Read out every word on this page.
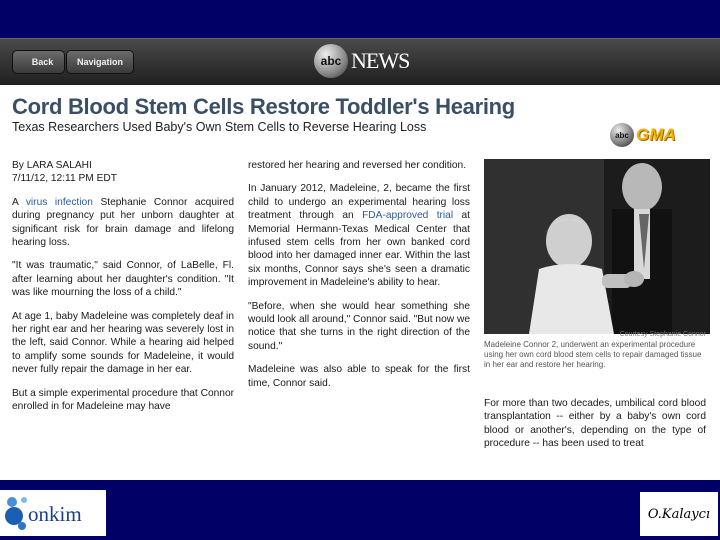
Back	Navigation	abc NEWS
Cord Blood Stem Cells Restore Toddler's Hearing
Texas Researchers Used Baby's Own Stem Cells to Reverse Hearing Loss
abc GMA
By LARA SALAHI
7/11/12, 12:11 PM EDT

A virus infection Stephanie Connor acquired during pregnancy put her unborn daughter at significant risk for brain damage and lifelong hearing loss.

"It was traumatic," said Connor, of LaBelle, Fl. after learning about her daughter's condition. "It was like mourning the loss of a child."

At age 1, baby Madeleine was completely deaf in her right ear and her hearing was severely lost in the left, said Connor. While a hearing aid helped to amplify some sounds for Madeleine, it would never fully repair the damage in her ear.

But a simple experimental procedure that Connor enrolled in for Madeleine may have

restored her hearing and reversed her condition.

In January 2012, Madeleine, 2, became the first child to undergo an experimental hearing loss treatment through an FDA-approved trial at Memorial Hermann-Texas Medical Center that infused stem cells from her own banked cord blood into her damaged inner ear. Within the last six months, Connor says she's seen a dramatic improvement in Madeleine's ability to hear.

"Before, when she would hear something she would look all around," Connor said. "But now we notice that she turns in the right direction of the sound."

Madeleine was also able to speak for the first time, Connor said.

Courtesy Stephanie Connor
Madeleine Connor 2, underwent an experimental procedure using her own cord blood stem cells to repair damaged tissue in her ear and restore her hearing.

For more than two decades, umbilical cord blood transplantation -- either by a baby's own cord blood or another's, depending on the type of procedure -- has been used to treat

onkim	O.Kalaycı
